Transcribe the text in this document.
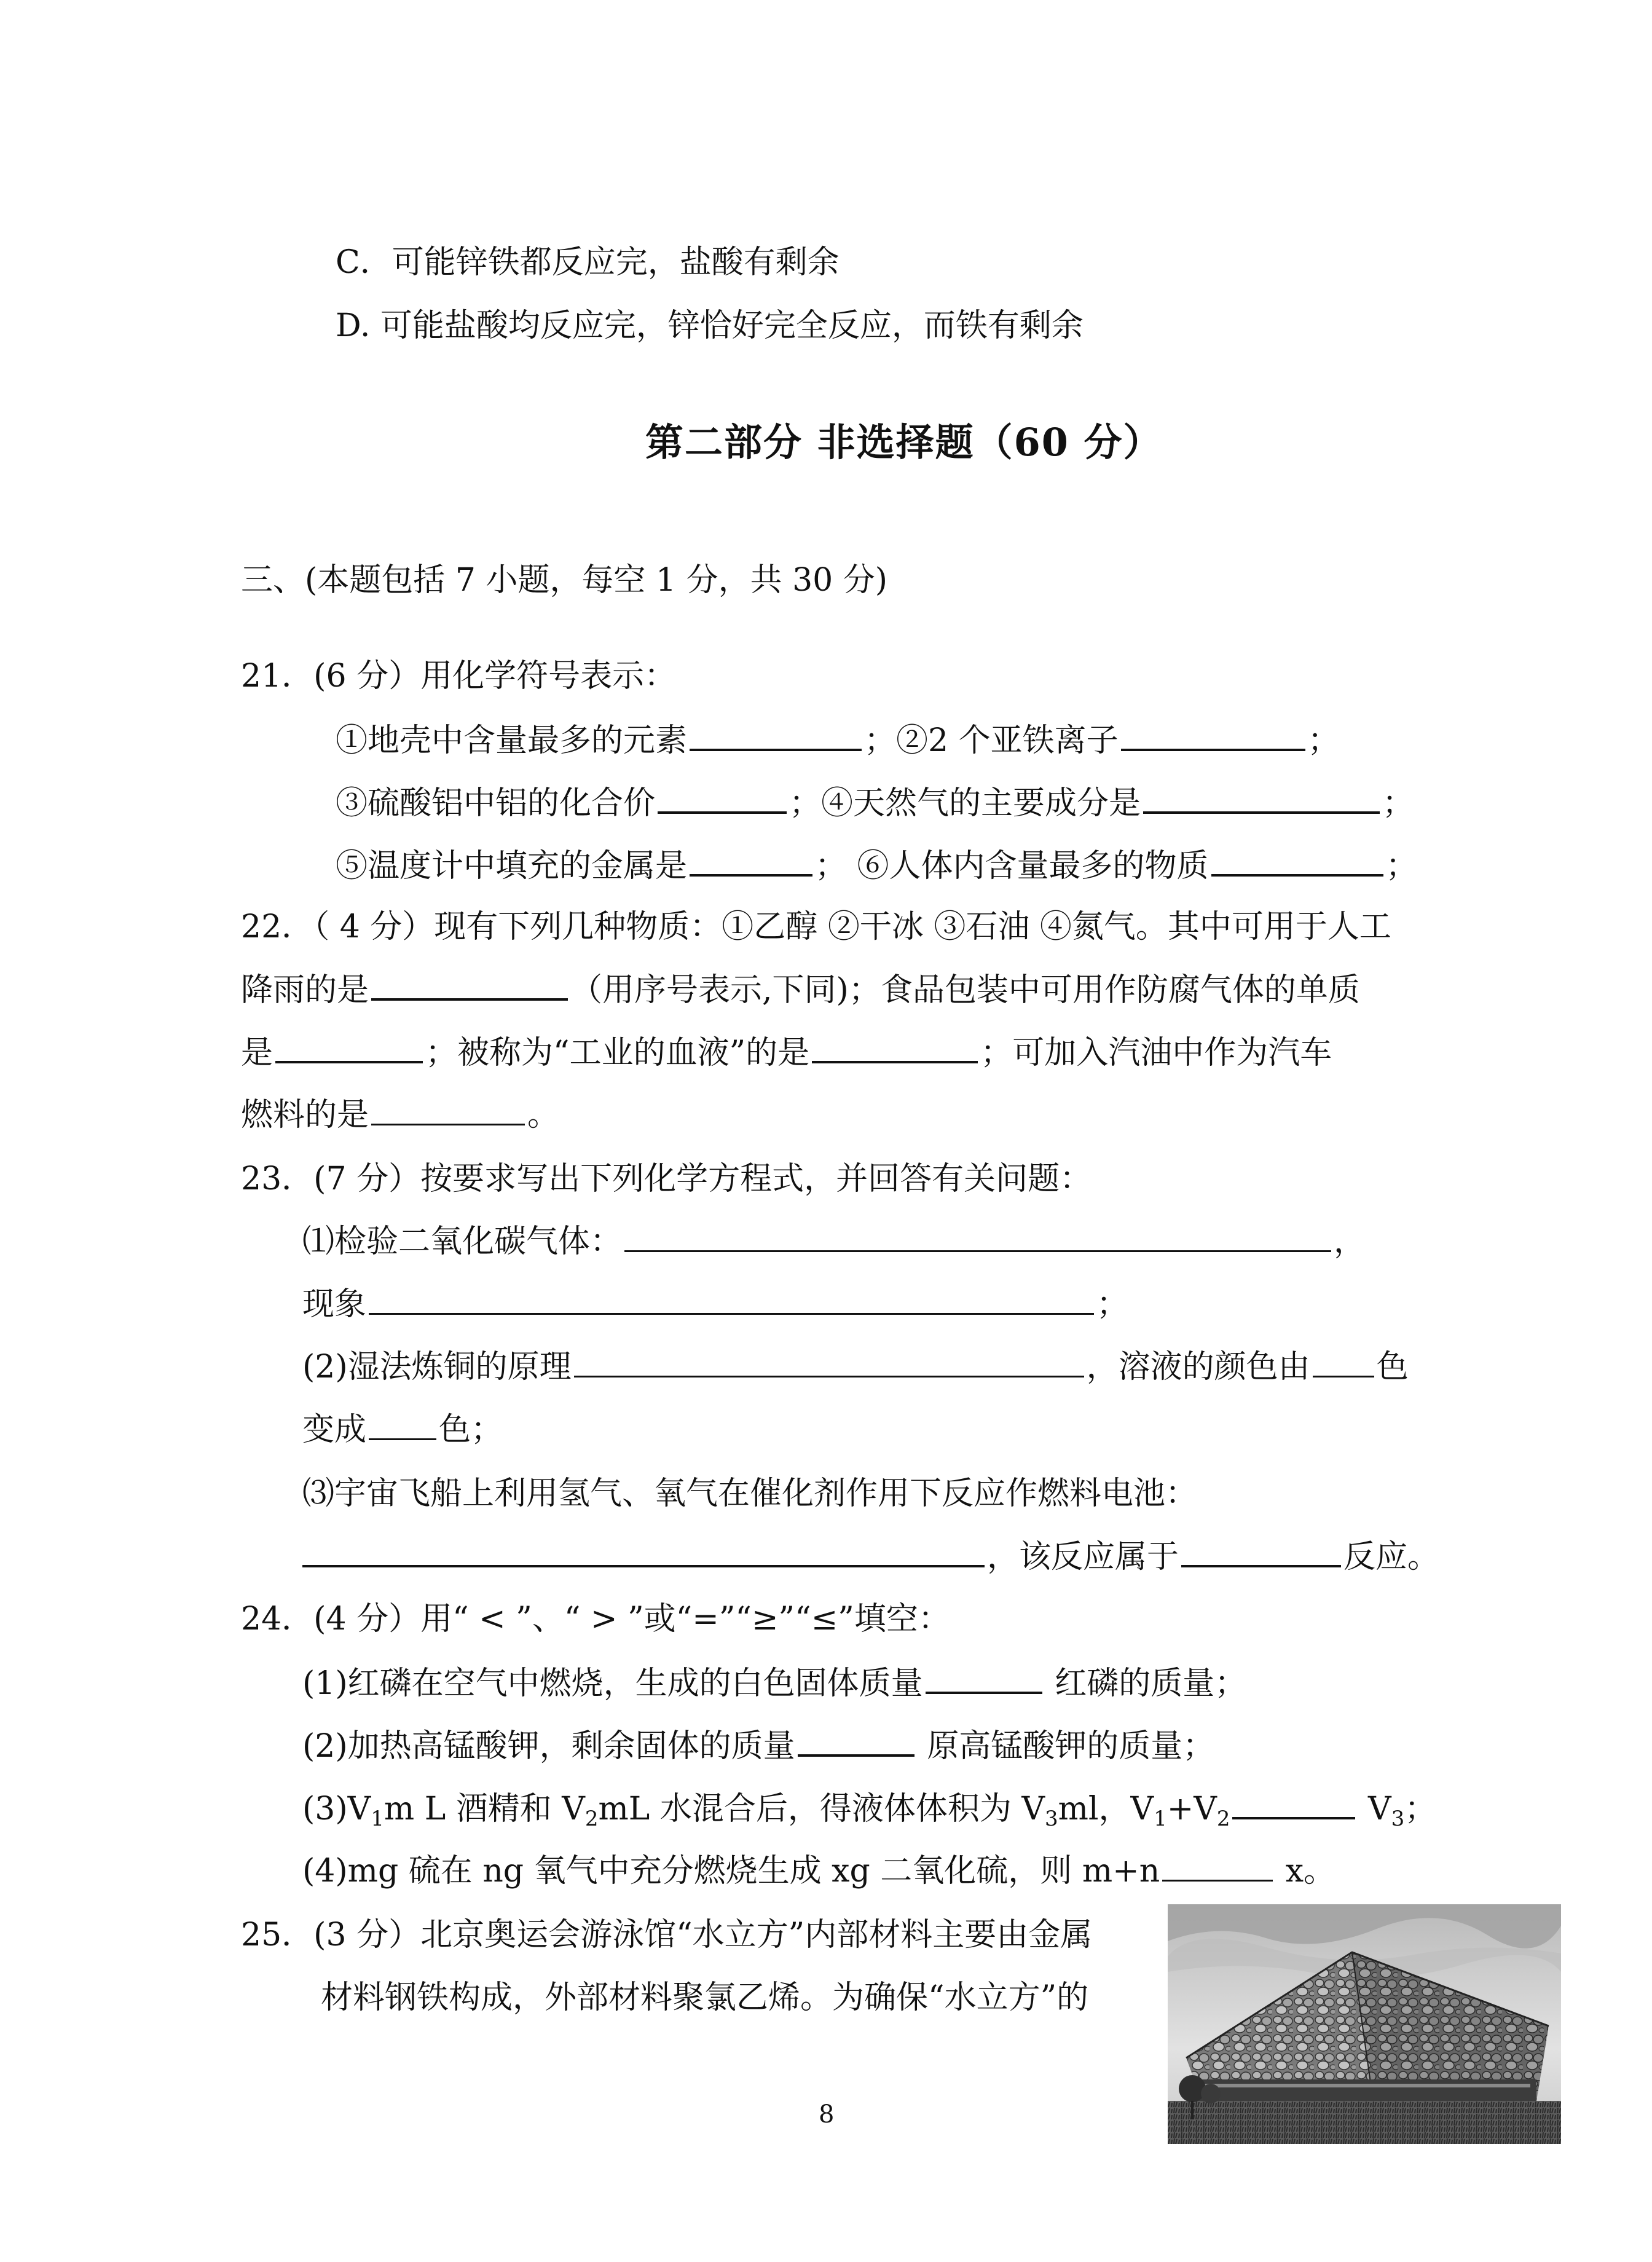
C．可能锌铁都反应完，盐酸有剩余
D. 可能盐酸均反应完，锌恰好完全反应，而铁有剩余
第二部分 非选择题（60 分）
三、(本题包括 7 小题，每空 1 分，共 30 分)
21．(6 分）用化学符号表示：
①地壳中含量最多的元素	；②2 个亚铁离子	；
③硫酸铝中铝的化合价	；④天然气的主要成分是	；
⑤温度计中填充的金属是	； ⑥人体内含量最多的物质	；
22．（ 4 分）现有下列几种物质：①乙醇 ②干冰 ③石油 ④氮气。其中可用于人工
降雨的是	（用序号表示,下同)；食品包装中可用作防腐气体的单质
是	；被称为“工业的血液”的是	；可加入汽油中作为汽车
燃料的是	。
23．(7 分）按要求写出下列化学方程式，并回答有关问题：
⑴检验二氧化碳气体：	，
现象	；
(2)湿法炼铜的原理	，溶液的颜色由 色
变成 色；
⑶宇宙飞船上利用氢气、氧气在催化剂作用下反应作燃料电池：
，该反应属于	反应。
24．(4 分）用“ < ”、“ > ”或“=”“≥”“≤”填空：
(1)红磷在空气中燃烧，生成的白色固体质量	红磷的质量；
(2)加热高锰酸钾，剩余固体的质量	原高锰酸钾的质量；
$(3)V_1m$ L 酒精和 $V_2mL$ 水混合后，得液体体积为 $V_3ml$，$V_1+V_2$	$V_3$；
(4)mg 硫在 ng 氧气中充分燃烧生成 xg 二氧化硫，则 m+n	x。
25．(3 分）北京奥运会游泳馆“水立方”内部材料主要由金属
材料钢铁构成，外部材料聚氯乙烯。为确保“水立方”的
8
